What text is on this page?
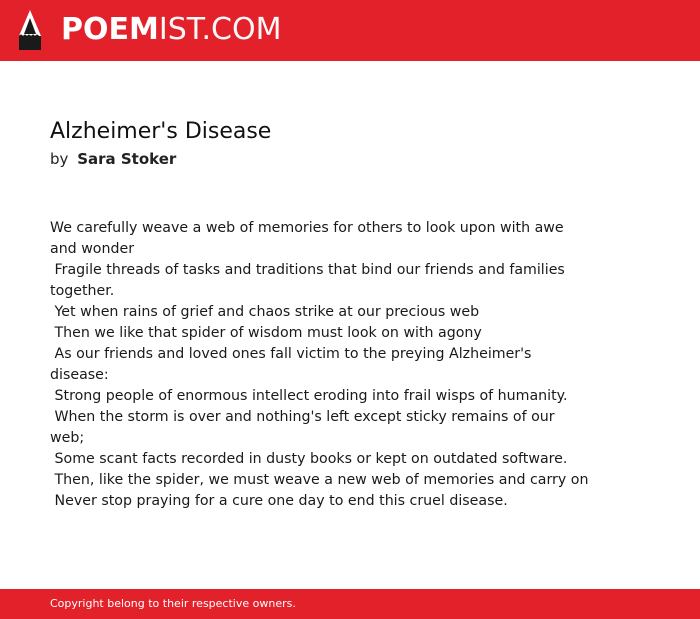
POEMIST.COM
Alzheimer's Disease
by Sara Stoker

We carefully weave a web of memories for others to look upon with awe and wonder

Fragile threads of tasks and traditions that bind our friends and families together.

Yet when rains of grief and chaos strike at our precious web

Then we like that spider of wisdom must look on with agony

As our friends and loved ones fall victim to the preying Alzheimer's disease:

Strong people of enormous intellect eroding into frail wisps of humanity.

When the storm is over and nothing's left except sticky remains of our web;

Some scant facts recorded in dusty books or kept on outdated software.

Then, like the spider, we must weave a new web of memories and carry on

Never stop praying for a cure one day to end this cruel disease.

Copyright belong to their respective owners.
